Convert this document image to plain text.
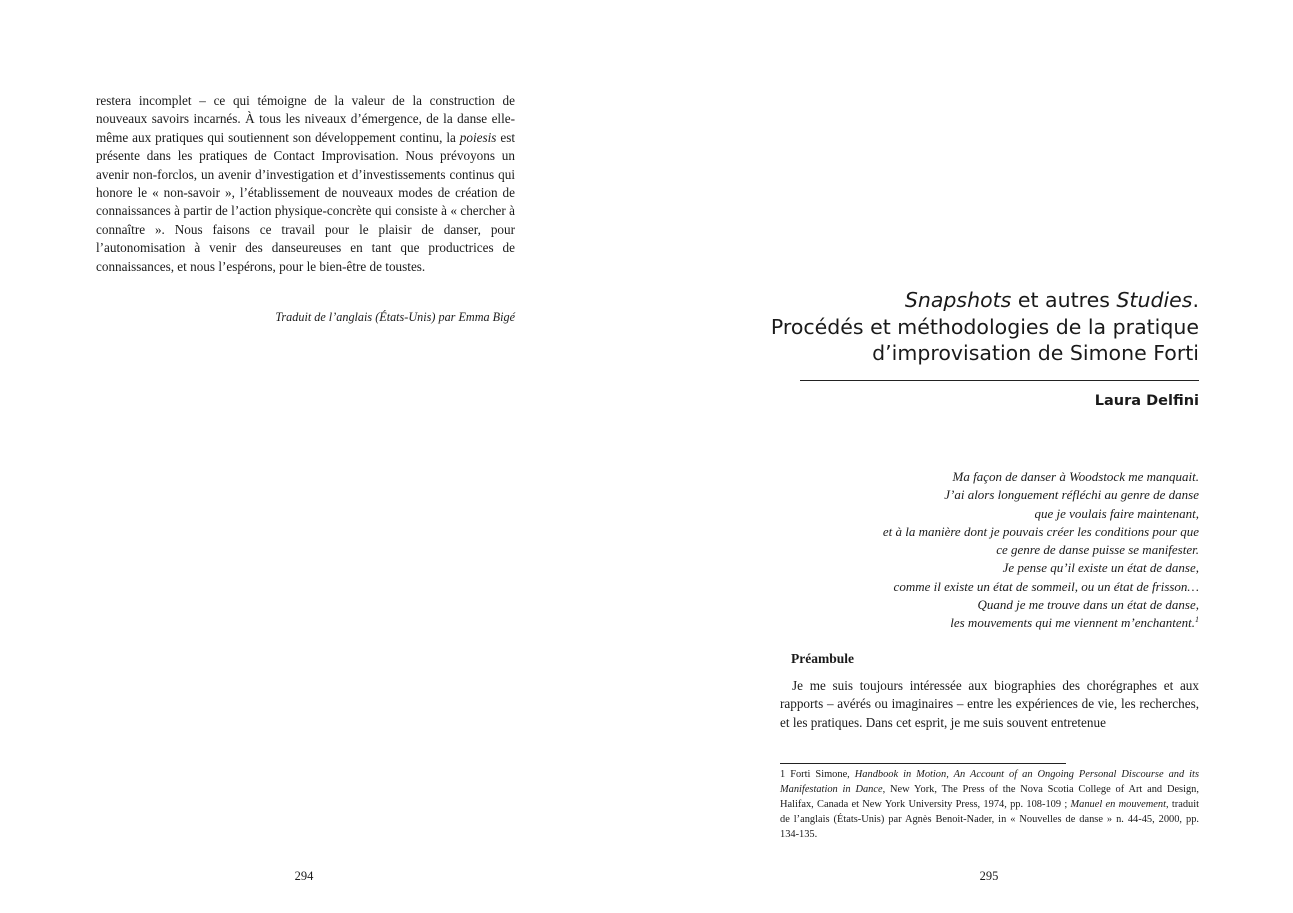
restera incomplet – ce qui témoigne de la valeur de la construction de nouveaux savoirs incarnés. À tous les niveaux d’émergence, de la danse elle-même aux pratiques qui soutiennent son développement continu, la poiesis est présente dans les pratiques de Contact Improvisation. Nous prévoyons un avenir non-forclos, un avenir d’investigation et d’investissements continus qui honore le « non-savoir », l’établissement de nouveaux modes de création de connaissances à partir de l’action physique-concrète qui consiste à « chercher à connaître ». Nous faisons ce travail pour le plaisir de danser, pour l’autonomisation à venir des danseureuses en tant que productrices de connaissances, et nous l’espérons, pour le bien-être de toustes.

Traduit de l’anglais (États-Unis) par Emma Bigé
294
Snapshots et autres Studies.
Procédés et méthodologies de la pratique
d’improvisation de Simone Forti
Laura Delfini
Ma façon de danser à Woodstock me manquait.
J’ai alors longuement réfléchi au genre de danse
que je voulais faire maintenant,
et à la manière dont je pouvais créer les conditions pour que
ce genre de danse puisse se manifester.
Je pense qu’il existe un état de danse,
comme il existe un état de sommeil, ou un état de frisson…
Quand je me trouve dans un état de danse,
les mouvements qui me viennent m’enchantent.$^1$
Préambule

Je me suis toujours intéressée aux biographies des chorégraphes et aux rapports – avérés ou imaginaires – entre les expériences de vie, les recherches, et les pratiques. Dans cet esprit, je me suis souvent entretenue

1 Forti Simone, Handbook in Motion, An Account of an Ongoing Personal Discourse and its Manifestation in Dance, New York, The Press of the Nova Scotia College of Art and Design, Halifax, Canada et New York University Press, 1974, pp. 108-109 ; Manuel en mouvement, traduit de l’anglais (États-Unis) par Agnès Benoit-Nader, in « Nouvelles de danse » n. 44-45, 2000, pp. 134-135.

295
